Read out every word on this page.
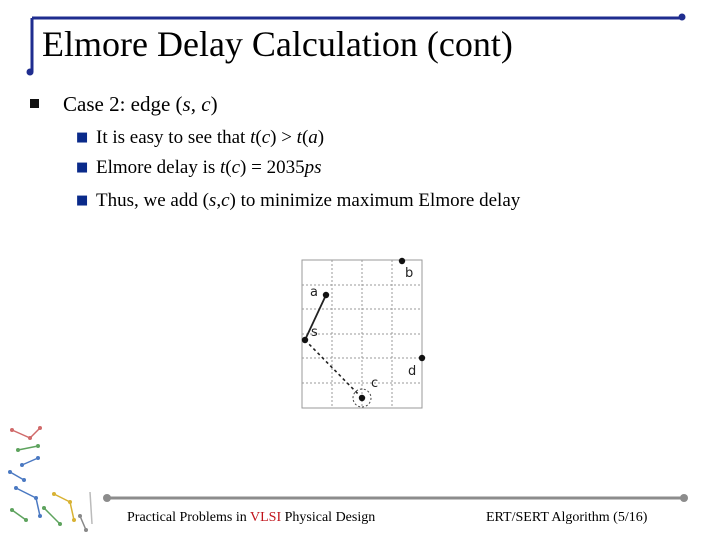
Elmore Delay Calculation (cont)
Case 2: edge (s, c)
■ It is easy to see that t(c) > t(a)
■ Elmore delay is t(c) = 2035ps
■ Thus, we add (s,c) to minimize maximum Elmore delay
a
b
s
c
d
Practical Problems in VLSI Physical Design	ERT/SERT Algorithm (5/16)
